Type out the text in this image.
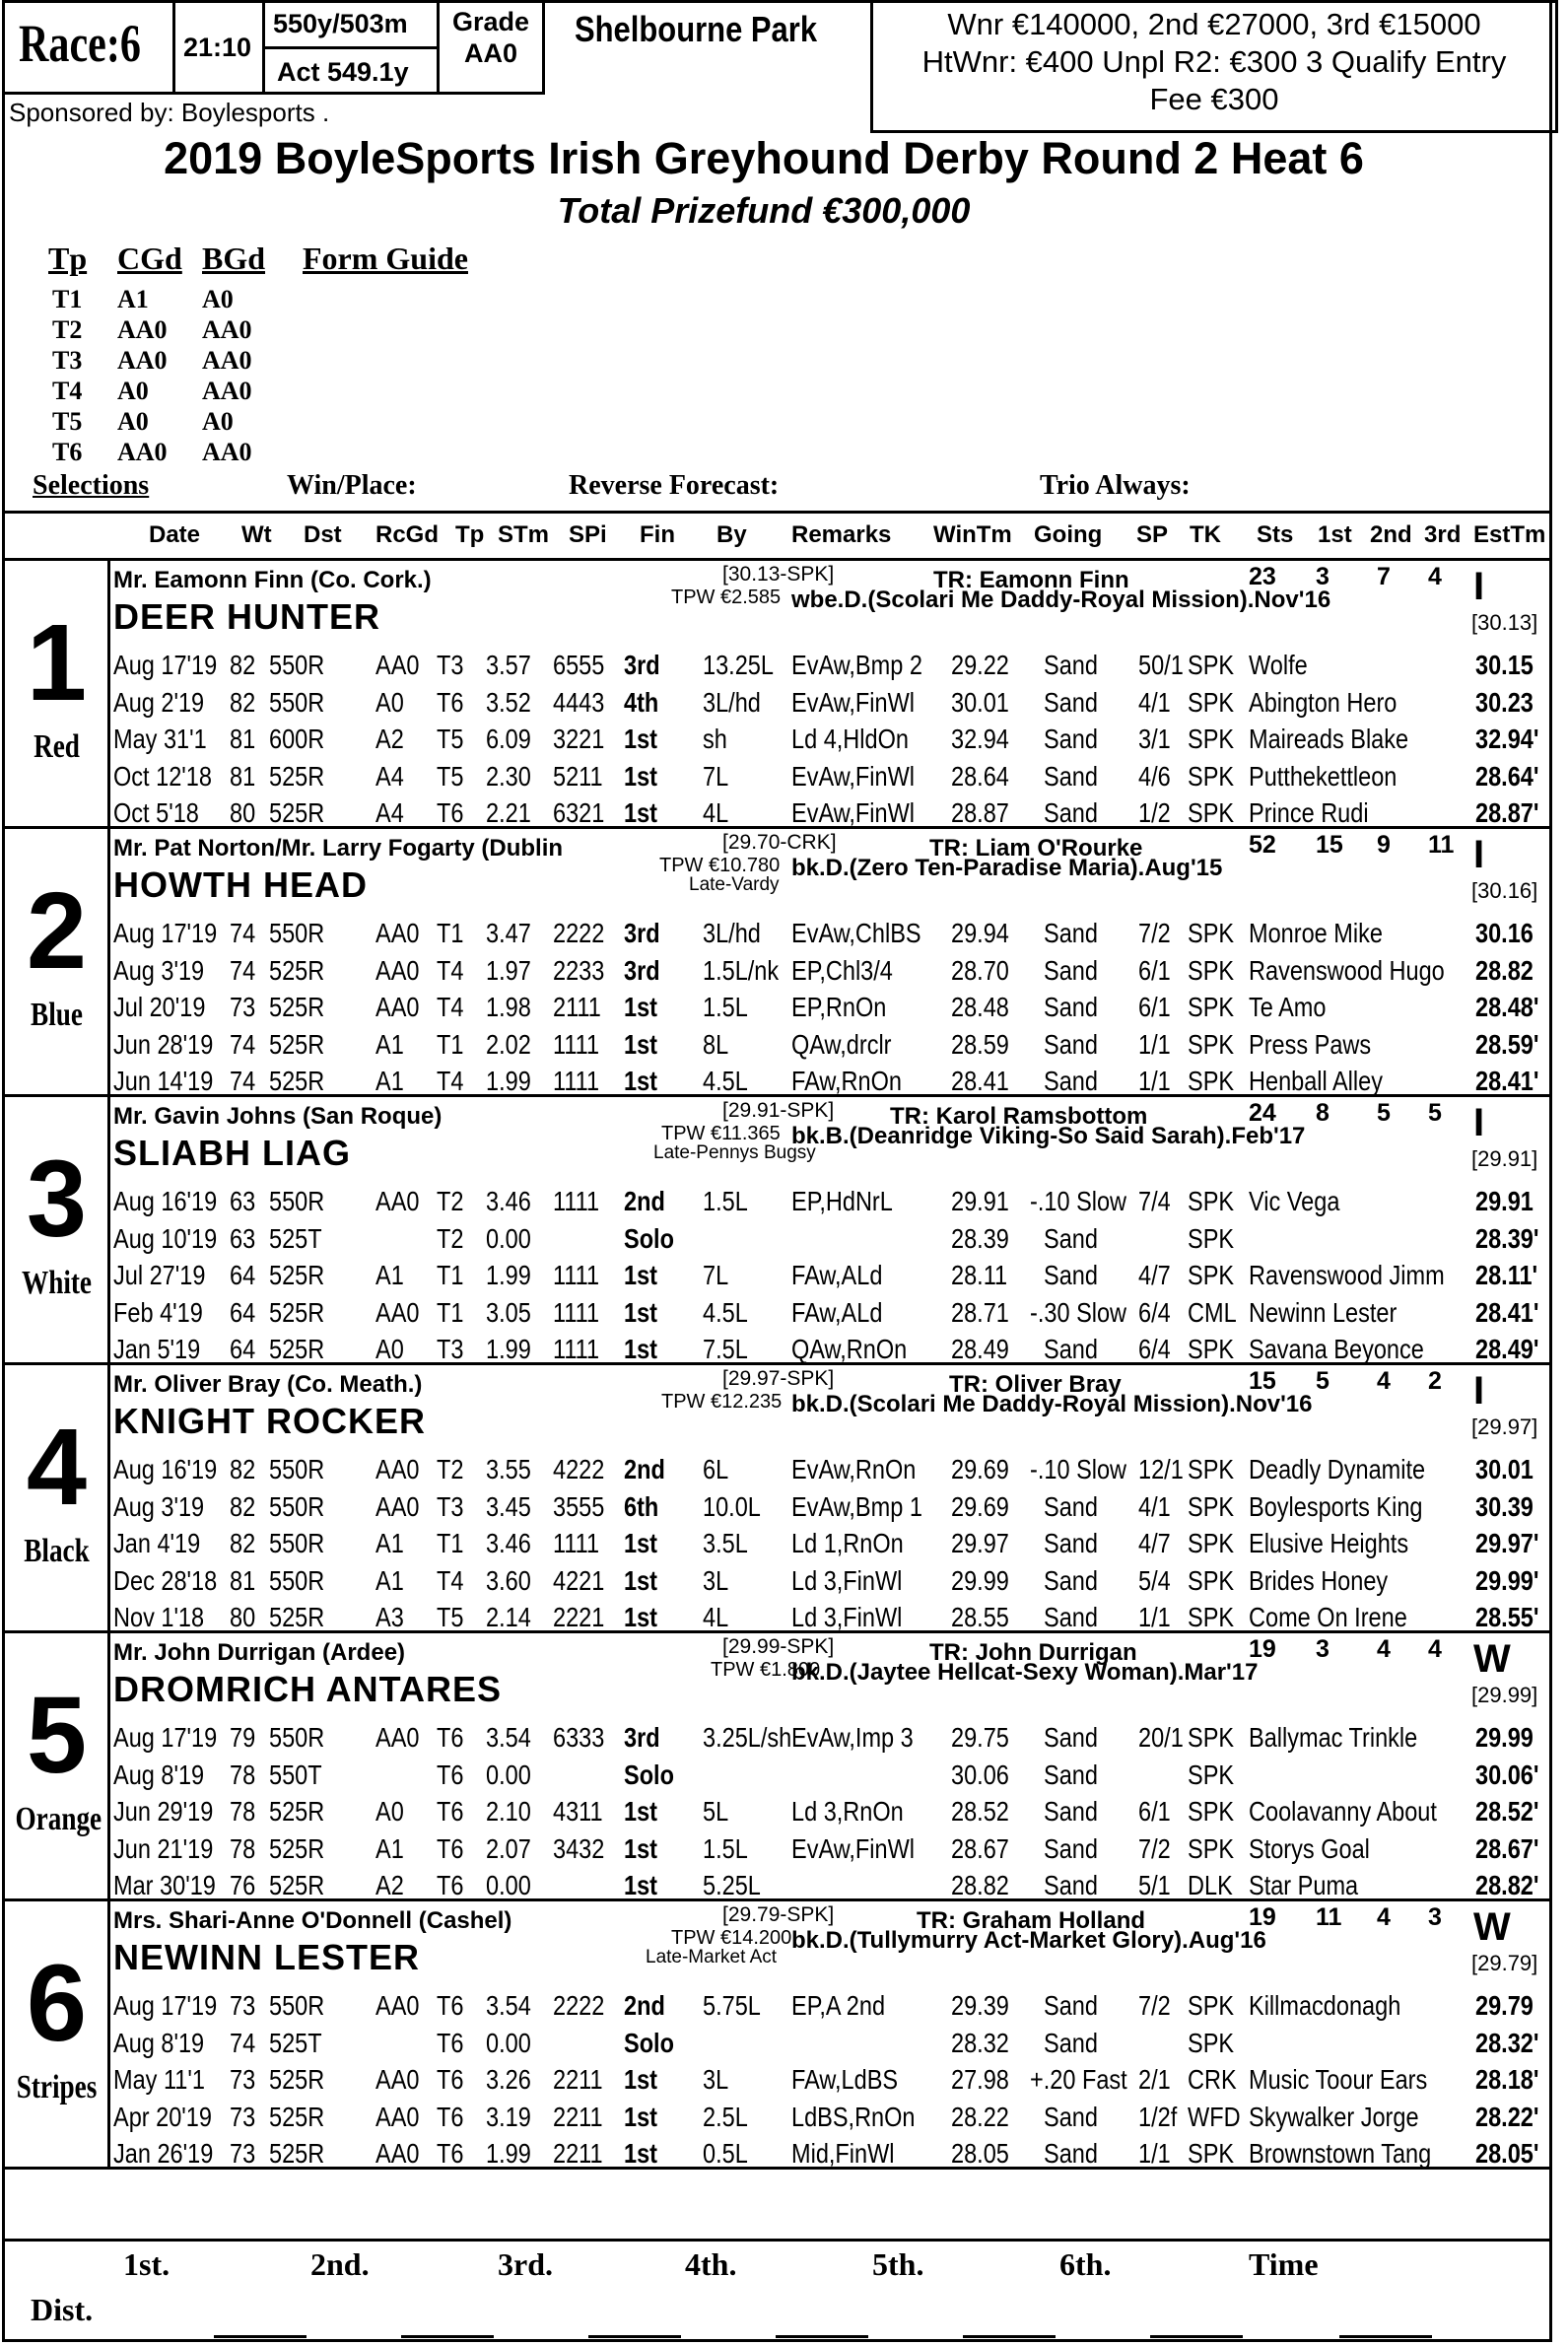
Race:6 21:10
550y/503m
Act 549.1y
Grade
AA0
Shelbourne Park	Wnr €140000, 2nd €27000, 3rd €15000
HtWnr: €400 Unpl R2: €300 3 Qualify Entry
Fee €300
Sponsored by: Boylesports .
2019 BoyleSports Irish Greyhound Derby Round 2 Heat 6
Total Prizefund €300,000
Tp CGd BGd Form Guide
T1 A1 A0
T2 AA0 AA0
T3 AA0 AA0
T4 A0 AA0
T5 A0 A0
T6 AA0 AA0
Selections	Win/Place:	Reverse Forecast:	Trio Always:
Date Wt Dst RcGd Tp STm SPi Fin By Remarks WinTm Going SP TK Sts 1st 2nd 3rd EstTm
1
Red
Mr. Eamonn Finn (Co. Cork.)	[30.13-SPK]	TR: Eamonn Finn	23 3 7 4 I
DEER HUNTER	TPW €2.585 wbe.D.(Scolari Me Daddy-Royal Mission).Nov'16
[30.13]
Aug 17'19 82 550R AA0 T3 3.57 6555 3rd 13.25L EvAw,Bmp 2 29.22 Sand 50/1 SPK Wolfe	30.15
Aug 2'19 82 550R A0 T6 3.52 4443 4th 3L/hd EvAw,FinWl 30.01 Sand 4/1 SPK Abington Hero	30.23
May 31'1 81 600R A2 T5 6.09 3221 1st sh Ld 4,HldOn 32.94 Sand 3/1 SPK Maireads Blake 32.94'
Oct 12'18 81 525R A4 T5 2.30 5211 1st 7L EvAw,FinWl 28.64 Sand 4/6 SPK Putthekettleon	28.64'
Oct 5'18 80 525R A4 T6 2.21 6321 1st 4L EvAw,FinWl 28.87 Sand 1/2 SPK Prince Rudi	28.87'
2
Blue
Mr. Pat Norton/Mr. Larry Fogarty (Dublin	[29.70-CRK]	TR: Liam O'Rourke	52 15 9 11 I
HOWTH HEAD	TPW €10.780 bk.D.(Zero Ten-Paradise Maria).Aug'15
Late-Vardy	[30.16]
Aug 17'19 74 550R AA0 T1 3.47 2222 3rd 3L/hd EvAw,ChlBS 29.94 Sand 7/2 SPK Monroe Mike	30.16
Aug 3'19 74 525R AA0 T4 1.97 2233 3rd 1.5L/nk EP,Chl3/4 28.70 Sand 6/1 SPK Ravenswood Hugo 28.82
Jul 20'19 73 525R AA0 T4 1.98 2111 1st 1.5L EP,RnOn 28.48 Sand 6/1 SPK Te Amo	28.48'
Jun 28'19 74 525R A1 T1 2.02 1111 1st 8L QAw,drclr 28.59 Sand 1/1 SPK Press Paws	28.59'
Jun 14'19 74 525R A1 T4 1.99 1111 1st 4.5L FAw,RnOn 28.41 Sand 1/1 SPK Henball Alley	28.41'
3
White
Mr. Gavin Johns (San Roque)	[29.91-SPK] TR: Karol Ramsbottom	24 8 5 5 I
SLIABH LIAG	TPW €11.365 bk.B.(Deanridge Viking-So Said Sarah).Feb'17
Late-Pennys Bugsy	[29.91]
Aug 16'19 63 550R AA0 T2 3.46 1111 2nd 1.5L EP,HdNrL 29.91 -.10 Slow 7/4 SPK Vic Vega	29.91
Aug 10'19 63 525T	T2 0.00	Solo	28.39 Sand	SPK	28.39'
Jul 27'19 64 525R A1 T1 1.99 1111 1st 7L FAw,ALd 28.11 Sand 4/7 SPK Ravenswood Jimm 28.11'
Feb 4'19 64 525R AA0 T1 3.05 1111 1st 4.5L FAw,ALd 28.71 -.30 Slow 6/4 CML Newinn Lester	28.41'
Jan 5'19 64 525R A0 T3 1.99 1111 1st 7.5L QAw,RnOn 28.49 Sand 6/4 SPK Savana Beyonce 28.49'
4
Black
Mr. Oliver Bray (Co. Meath.)	[29.97-SPK]	TR: Oliver Bray	15 5 4 2 I
KNIGHT ROCKER	TPW €12.235 bk.D.(Scolari Me Daddy-Royal Mission).Nov'16
[29.97]
Aug 16'19 82 550R AA0 T2 3.55 4222 2nd 6L EvAw,RnOn 29.69 -.10 Slow 12/1 SPK Deadly Dynamite 30.01
Aug 3'19 82 550R AA0 T3 3.45 3555 6th 10.0L EvAw,Bmp 1 29.69 Sand 4/1 SPK Boylesports King 30.39
Jan 4'19 82 550R A1 T1 3.46 1111 1st 3.5L Ld 1,RnOn 29.97 Sand 4/7 SPK Elusive Heights 29.97'
Dec 28'18 81 550R A1 T4 3.60 4221 1st 3L Ld 3,FinWl 29.99 Sand 5/4 SPK Brides Honey	29.99'
Nov 1'18 80 525R A3 T5 2.14 2221 1st 4L Ld 3,FinWl 28.55 Sand 1/1 SPK Come On Irene 28.55'
5
Orange
Mr. John Durrigan (Ardee)	[29.99-SPK]	TR: John Durrigan	19 3 4 4 W
DROMRICH ANTARES	TPW €1.800
bk.D.(Jaytee Hellcat-Sexy Woman).Mar'17
[29.99]
Aug 17'19 79 550R AA0 T6 3.54 6333 3rd 3.25L/sh EvAw,Imp 3 29.75 Sand 20/1 SPK Ballymac Trinkle 29.99
Aug 8'19 78 550T	T6 0.00	Solo	30.06 Sand	SPK	30.06'
Jun 29'19 78 525R A0 T6 2.10 4311 1st 5L Ld 3,RnOn 28.52 Sand 6/1 SPK Coolavanny About 28.52'
Jun 21'19 78 525R A1 T6 2.07 3432 1st 1.5L EvAw,FinWl 28.67 Sand 7/2 SPK Storys Goal	28.67'
Mar 30'19 76 525R A2 T6 0.00	1st 5.25L	28.82 Sand 5/1 DLK Star Puma	28.82'
6
Stripes
Mrs. Shari-Anne O'Donnell (Cashel)	[29.79-SPK]	TR: Graham Holland	19 11 4 3 W
NEWINN LESTER	TPW €14.200 bk.D.(Tullymurry Act-Market Glory).Aug'16
Late-Market Act	[29.79]
Aug 17'19 73 550R AA0 T6 3.54 2222 2nd 5.75L EP,A 2nd 29.39 Sand 7/2 SPK Killmacdonagh	29.79
Aug 8'19 74 525T	T6 0.00	Solo	28.32 Sand	SPK	28.32'
May 11'1 73 525R AA0 T6 3.26 2211 1st 3L FAw,LdBS 27.98 +.20 Fast 2/1 CRK Music Toour Ears 28.18'
Apr 20'19 73 525R AA0 T6 3.19 2211 1st 2.5L LdBS,RnOn 28.22 Sand 1/2f WFD Skywalker Jorge 28.22'
Jan 26'19 73 525R AA0 T6 1.99 2211 1st 0.5L Mid,FinWl 28.05 Sand 1/1 SPK Brownstown Tang 28.05'
1st.	2nd.	3rd.	4th.	5th.	6th.	Time
Dist.
